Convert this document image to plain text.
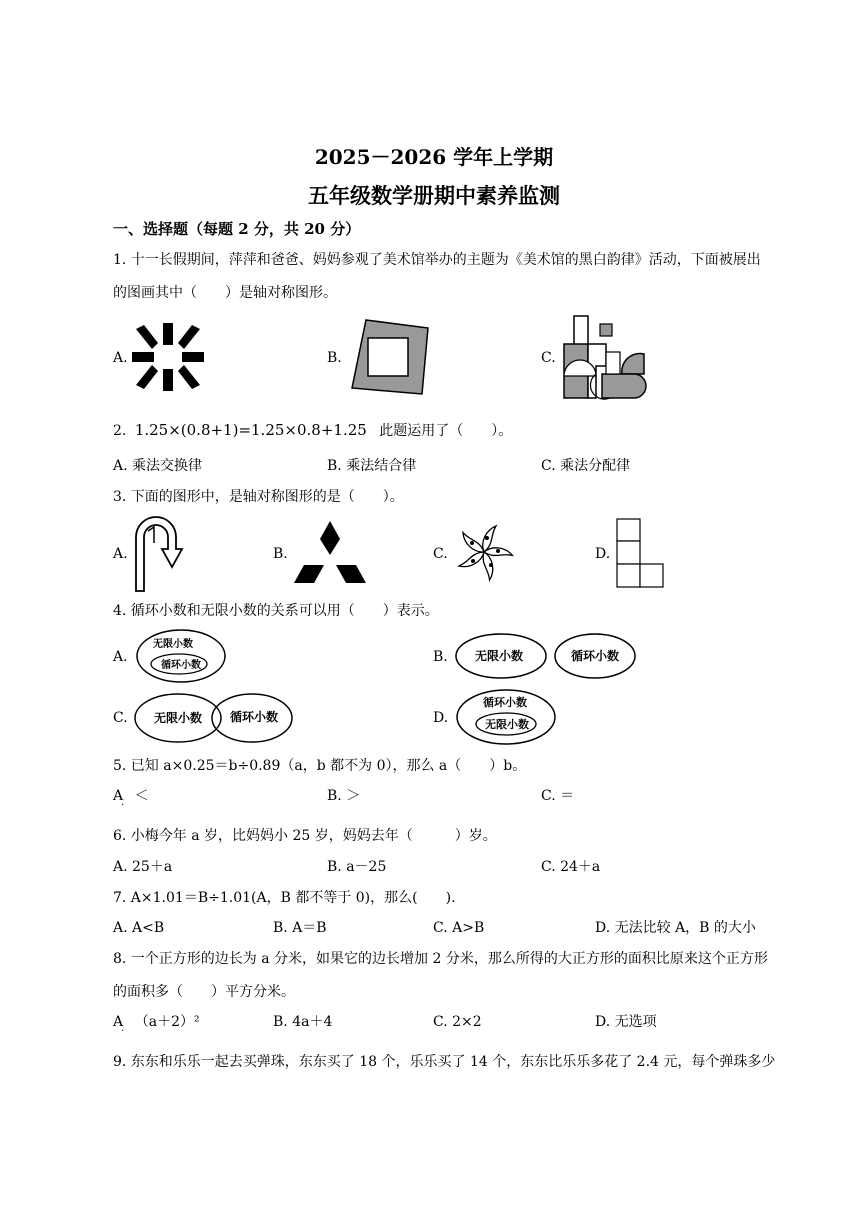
2025－2026 学年上学期
五年级数学册期中素养监测
一、选择题（每题 2 分，共 20 分）
1. 十一长假期间，萍萍和爸爸、妈妈参观了美术馆举办的主题为《美术馆的黑白韵律》活动，下面被展出
的图画其中（　　）是轴对称图形。
A.	B.	C.
2. 1.25×(0.8+1)=1.25×0.8+1.25 此题运用了（　　）。
A. 乘法交换律	B. 乘法结合律	C. 乘法分配律
3. 下面的图形中，是轴对称图形的是（　　）。
A.	B.	C.	D.
4. 循环小数和无限小数的关系可以用（　　）表示。
A.	B.
C.	D.
无限小数
循环小数
无限小数	循环小数
无限小数 循环小数
循环小数
无限小数
5. 已知 a×0.25＝b÷0.89（a，b 都不为 0），那么 a（　　）b。
$A_\cdot$ ＜	B. ＞	C. ＝
6. 小梅今年 a 岁，比妈妈小 25 岁，妈妈去年（　　　）岁。
A. 25＋a	B. a－25	C. 24＋a
7. A×1.01＝B÷1.01(A，B 都不等于 0)，那么(　　).
A. A<B	B. A＝B	C. A>B	D. 无法比较 A，B 的大小
8. 一个正方形的边长为 a 分米，如果它的边长增加 2 分米，那么所得的大正方形的面积比原来这个正方形
的面积多（　　）平方分米。
$A_\cdot$ （a＋2）²	B. 4a＋4	C. 2×2	D. 无选项
9. 东东和乐乐一起去买弹珠，东东买了 18 个，乐乐买了 14 个，东东比乐乐多花了 2.4 元，每个弹珠多少
